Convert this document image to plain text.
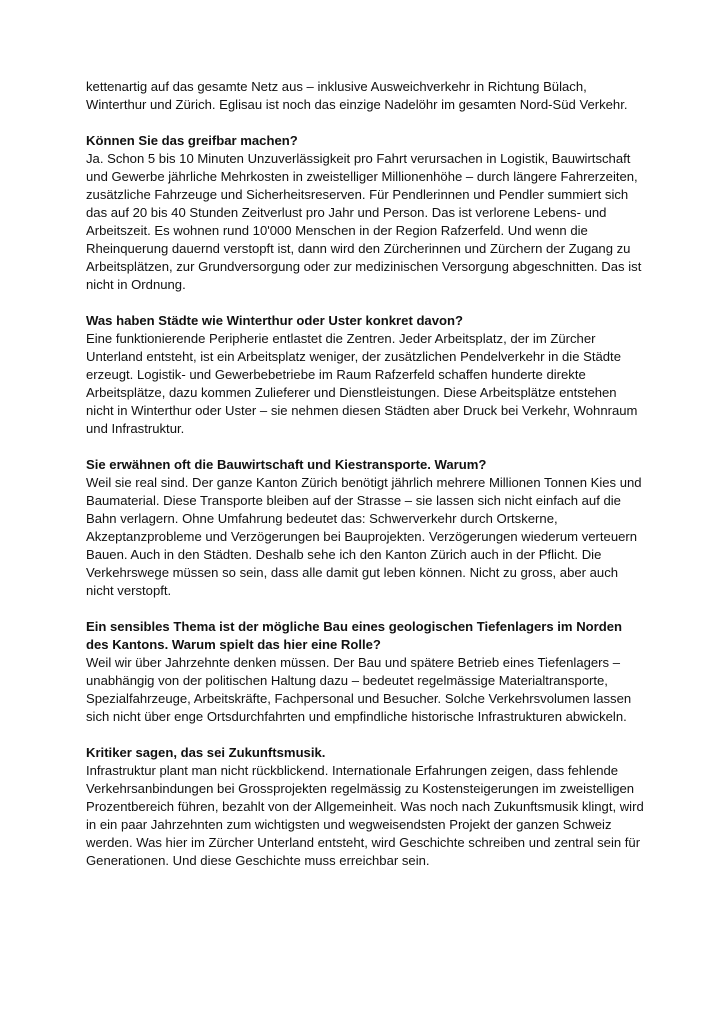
kettenartig auf das gesamte Netz aus – inklusive Ausweichverkehr in Richtung Bülach, Winterthur und Zürich. Eglisau ist noch das einzige Nadelöhr im gesamten Nord-Süd Verkehr.

Können Sie das greifbar machen?

Ja. Schon 5 bis 10 Minuten Unzuverlässigkeit pro Fahrt verursachen in Logistik, Bauwirtschaft und Gewerbe jährliche Mehrkosten in zweistelliger Millionenhöhe – durch längere Fahrerzeiten, zusätzliche Fahrzeuge und Sicherheitsreserven. Für Pendlerinnen und Pendler summiert sich das auf 20 bis 40 Stunden Zeitverlust pro Jahr und Person. Das ist verlorene Lebens- und Arbeitszeit. Es wohnen rund 10'000 Menschen in der Region Rafzerfeld. Und wenn die Rheinquerung dauernd verstopft ist, dann wird den Zürcherinnen und Zürchern der Zugang zu Arbeitsplätzen, zur Grundversorgung oder zur medizinischen Versorgung abgeschnitten. Das ist nicht in Ordnung.

Was haben Städte wie Winterthur oder Uster konkret davon?

Eine funktionierende Peripherie entlastet die Zentren. Jeder Arbeitsplatz, der im Zürcher Unterland entsteht, ist ein Arbeitsplatz weniger, der zusätzlichen Pendelverkehr in die Städte erzeugt. Logistik- und Gewerbebetriebe im Raum Rafzerfeld schaffen hunderte direkte Arbeitsplätze, dazu kommen Zulieferer und Dienstleistungen. Diese Arbeitsplätze entstehen nicht in Winterthur oder Uster – sie nehmen diesen Städten aber Druck bei Verkehr, Wohnraum und Infrastruktur.

Sie erwähnen oft die Bauwirtschaft und Kiestransporte. Warum?

Weil sie real sind. Der ganze Kanton Zürich benötigt jährlich mehrere Millionen Tonnen Kies und Baumaterial. Diese Transporte bleiben auf der Strasse – sie lassen sich nicht einfach auf die Bahn verlagern. Ohne Umfahrung bedeutet das: Schwerverkehr durch Ortskerne, Akzeptanzprobleme und Verzögerungen bei Bauprojekten. Verzögerungen wiederum verteuern Bauen. Auch in den Städten. Deshalb sehe ich den Kanton Zürich auch in der Pflicht. Die Verkehrswege müssen so sein, dass alle damit gut leben können. Nicht zu gross, aber auch nicht verstopft.

Ein sensibles Thema ist der mögliche Bau eines geologischen Tiefenlagers im Norden des Kantons. Warum spielt das hier eine Rolle?

Weil wir über Jahrzehnte denken müssen. Der Bau und spätere Betrieb eines Tiefenlagers – unabhängig von der politischen Haltung dazu – bedeutet regelmässige Materialtransporte, Spezialfahrzeuge, Arbeitskräfte, Fachpersonal und Besucher. Solche Verkehrsvolumen lassen sich nicht über enge Ortsdurchfahrten und empfindliche historische Infrastrukturen abwickeln.

Kritiker sagen, das sei Zukunftsmusik.

Infrastruktur plant man nicht rückblickend. Internationale Erfahrungen zeigen, dass fehlende Verkehrsanbindungen bei Grossprojekten regelmässig zu Kostensteigerungen im zweistelligen Prozentbereich führen, bezahlt von der Allgemeinheit. Was noch nach Zukunftsmusik klingt, wird in ein paar Jahrzehnten zum wichtigsten und wegweisendsten Projekt der ganzen Schweiz werden. Was hier im Zürcher Unterland entsteht, wird Geschichte schreiben und zentral sein für Generationen. Und diese Geschichte muss erreichbar sein.
